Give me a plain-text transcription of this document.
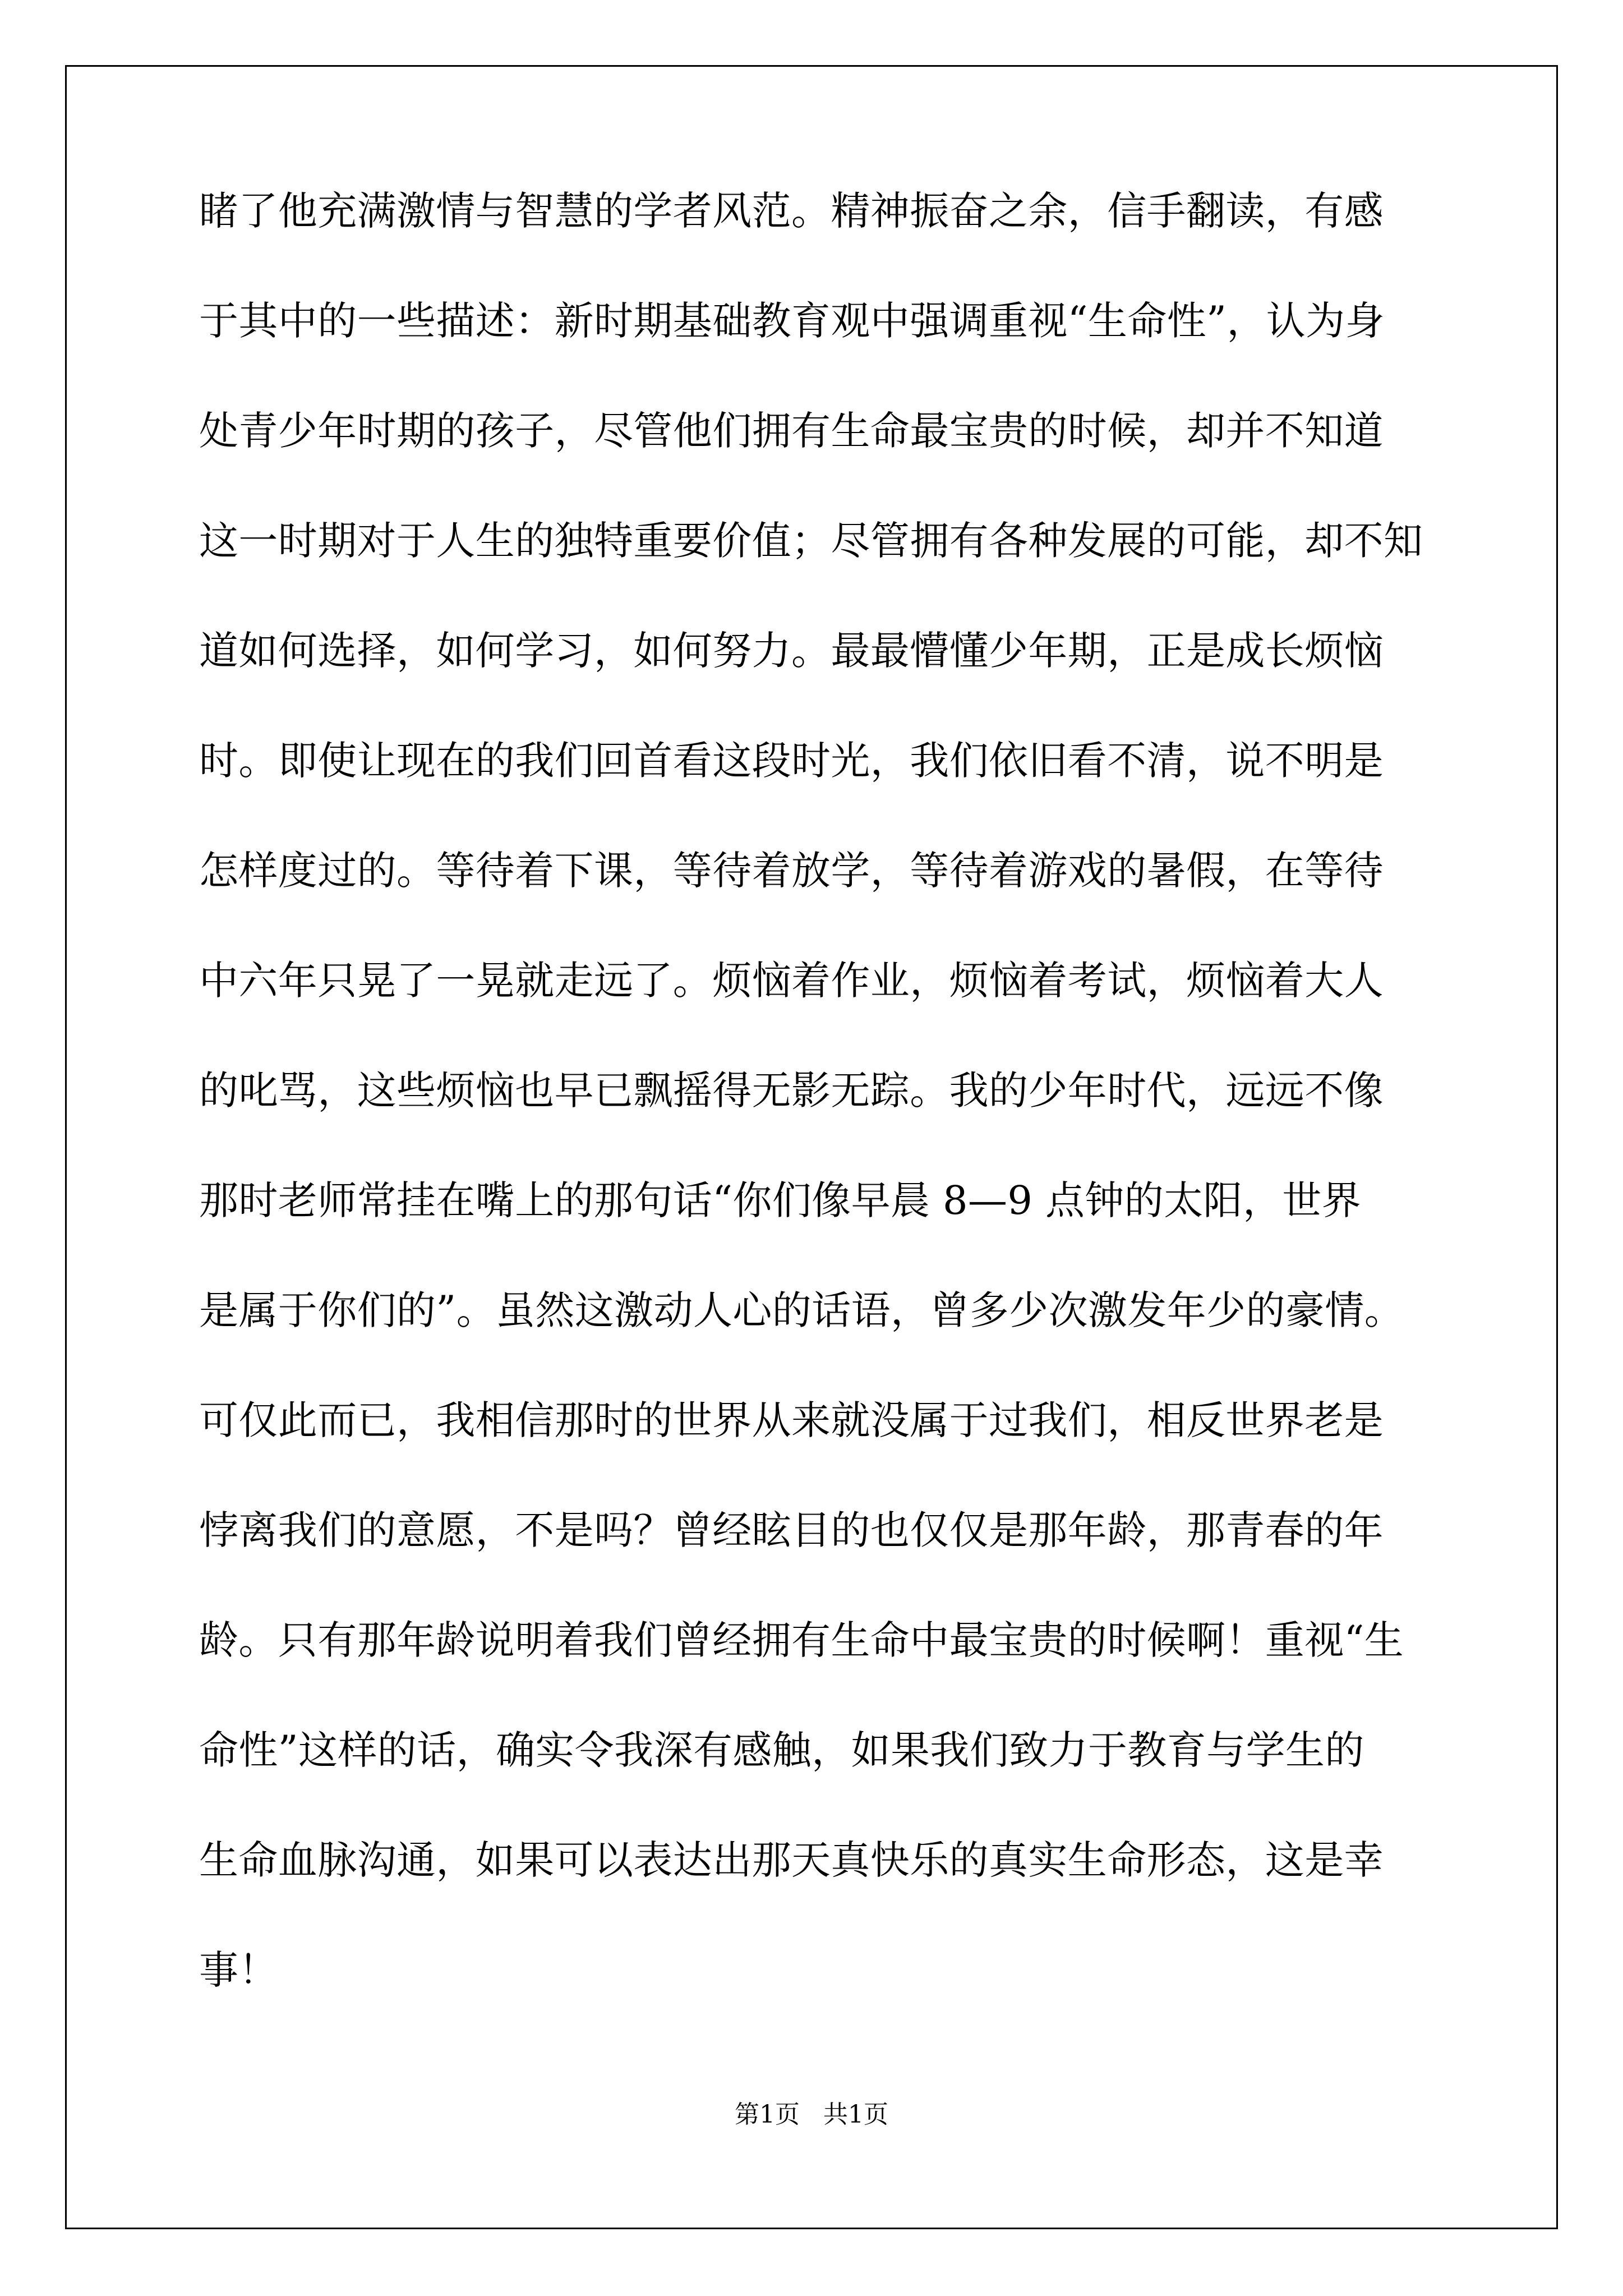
睹了他充满激情与智慧的学者风范。精神振奋之余，信手翻读，有感

于其中的一些描述：新时期基础教育观中强调重视“生命性”，认为身

处青少年时期的孩子，尽管他们拥有生命最宝贵的时候，却并不知道

这一时期对于人生的独特重要价值；尽管拥有各种发展的可能，却不知

道如何选择，如何学习，如何努力。最最懵懂少年期，正是成长烦恼

时。即使让现在的我们回首看这段时光，我们依旧看不清，说不明是

怎样度过的。等待着下课，等待着放学，等待着游戏的暑假，在等待

中六年只晃了一晃就走远了。烦恼着作业，烦恼着考试，烦恼着大人

的叱骂，这些烦恼也早已飘摇得无影无踪。我的少年时代，远远不像

那时老师常挂在嘴上的那句话“你们像早晨 8—9 点钟的太阳，世界

是属于你们的”。虽然这激动人心的话语，曾多少次激发年少的豪情。

可仅此而已，我相信那时的世界从来就没属于过我们，相反世界老是

悖离我们的意愿，不是吗？曾经眩目的也仅仅是那年龄，那青春的年

龄。只有那年龄说明着我们曾经拥有生命中最宝贵的时候啊！重视“生

命性”这样的话，确实令我深有感触，如果我们致力于教育与学生的

生命血脉沟通，如果可以表达出那天真快乐的真实生命形态，这是幸

事！

第1页   共1页
